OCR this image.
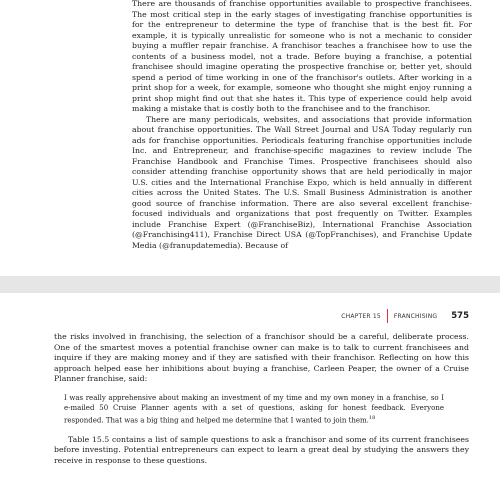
There are thousands of franchise opportunities available to prospective franchisees. The most critical step in the early stages of investigating franchise opportunities is for the entrepreneur to determine the type of franchise that is the best fit. For example, it is typically unrealistic for someone who is not a mechanic to consider buying a muffler repair franchise. A franchisor teaches a franchisee how to use the contents of a business model, not a trade. Before buying a franchise, a potential franchisee should imagine operating the prospective franchise or, better yet, should spend a period of time working in one of the franchisor's outlets. After working in a print shop for a week, for example, someone who thought she might enjoy running a print shop might find out that she hates it. This type of experience could help avoid making a mistake that is costly both to the franchisee and to the franchisor.

There are many periodicals, websites, and associations that provide information about franchise opportunities. The Wall Street Journal and USA Today regularly run ads for franchise opportunities. Periodicals featuring franchise opportunities include Inc. and Entrepreneur, and franchise-specific magazines to review include The Franchise Handbook and Franchise Times. Prospective franchisees should also consider attending franchise opportunity shows that are held periodically in major U.S. cities and the International Franchise Expo, which is held annually in different cities across the United States. The U.S. Small Business Administration is another good source of franchise information. There are also several excellent franchise-focused individuals and organizations that post frequently on Twitter. Examples include Franchise Expert (@FranchiseBiz), International Franchise Association (@Franchising411), Franchise Direct USA (@TopFranchises), and Franchise Update Media (@franupdatemedia). Because of

CHAPTER 15 FRANCHISING 575

the risks involved in franchising, the selection of a franchisor should be a careful, deliberate process. One of the smartest moves a potential franchise owner can make is to talk to current franchisees and inquire if they are making money and if they are satisfied with their franchisor. Reflecting on how this approach helped ease her inhibitions about buying a franchise, Carleen Peaper, the owner of a Cruise Planner franchise, said:

I was really apprehensive about making an investment of my time and my own money in a franchise, so I e-mailed 50 Cruise Planner agents with a set of questions, asking for honest feedback. Everyone responded. That was a big thing and helped me determine that I wanted to join them.$^{18}$

Table 15.5 contains a list of sample questions to ask a franchisor and some of its current franchisees before investing. Potential entrepreneurs can expect to learn a great deal by studying the answers they receive in response to these questions.
